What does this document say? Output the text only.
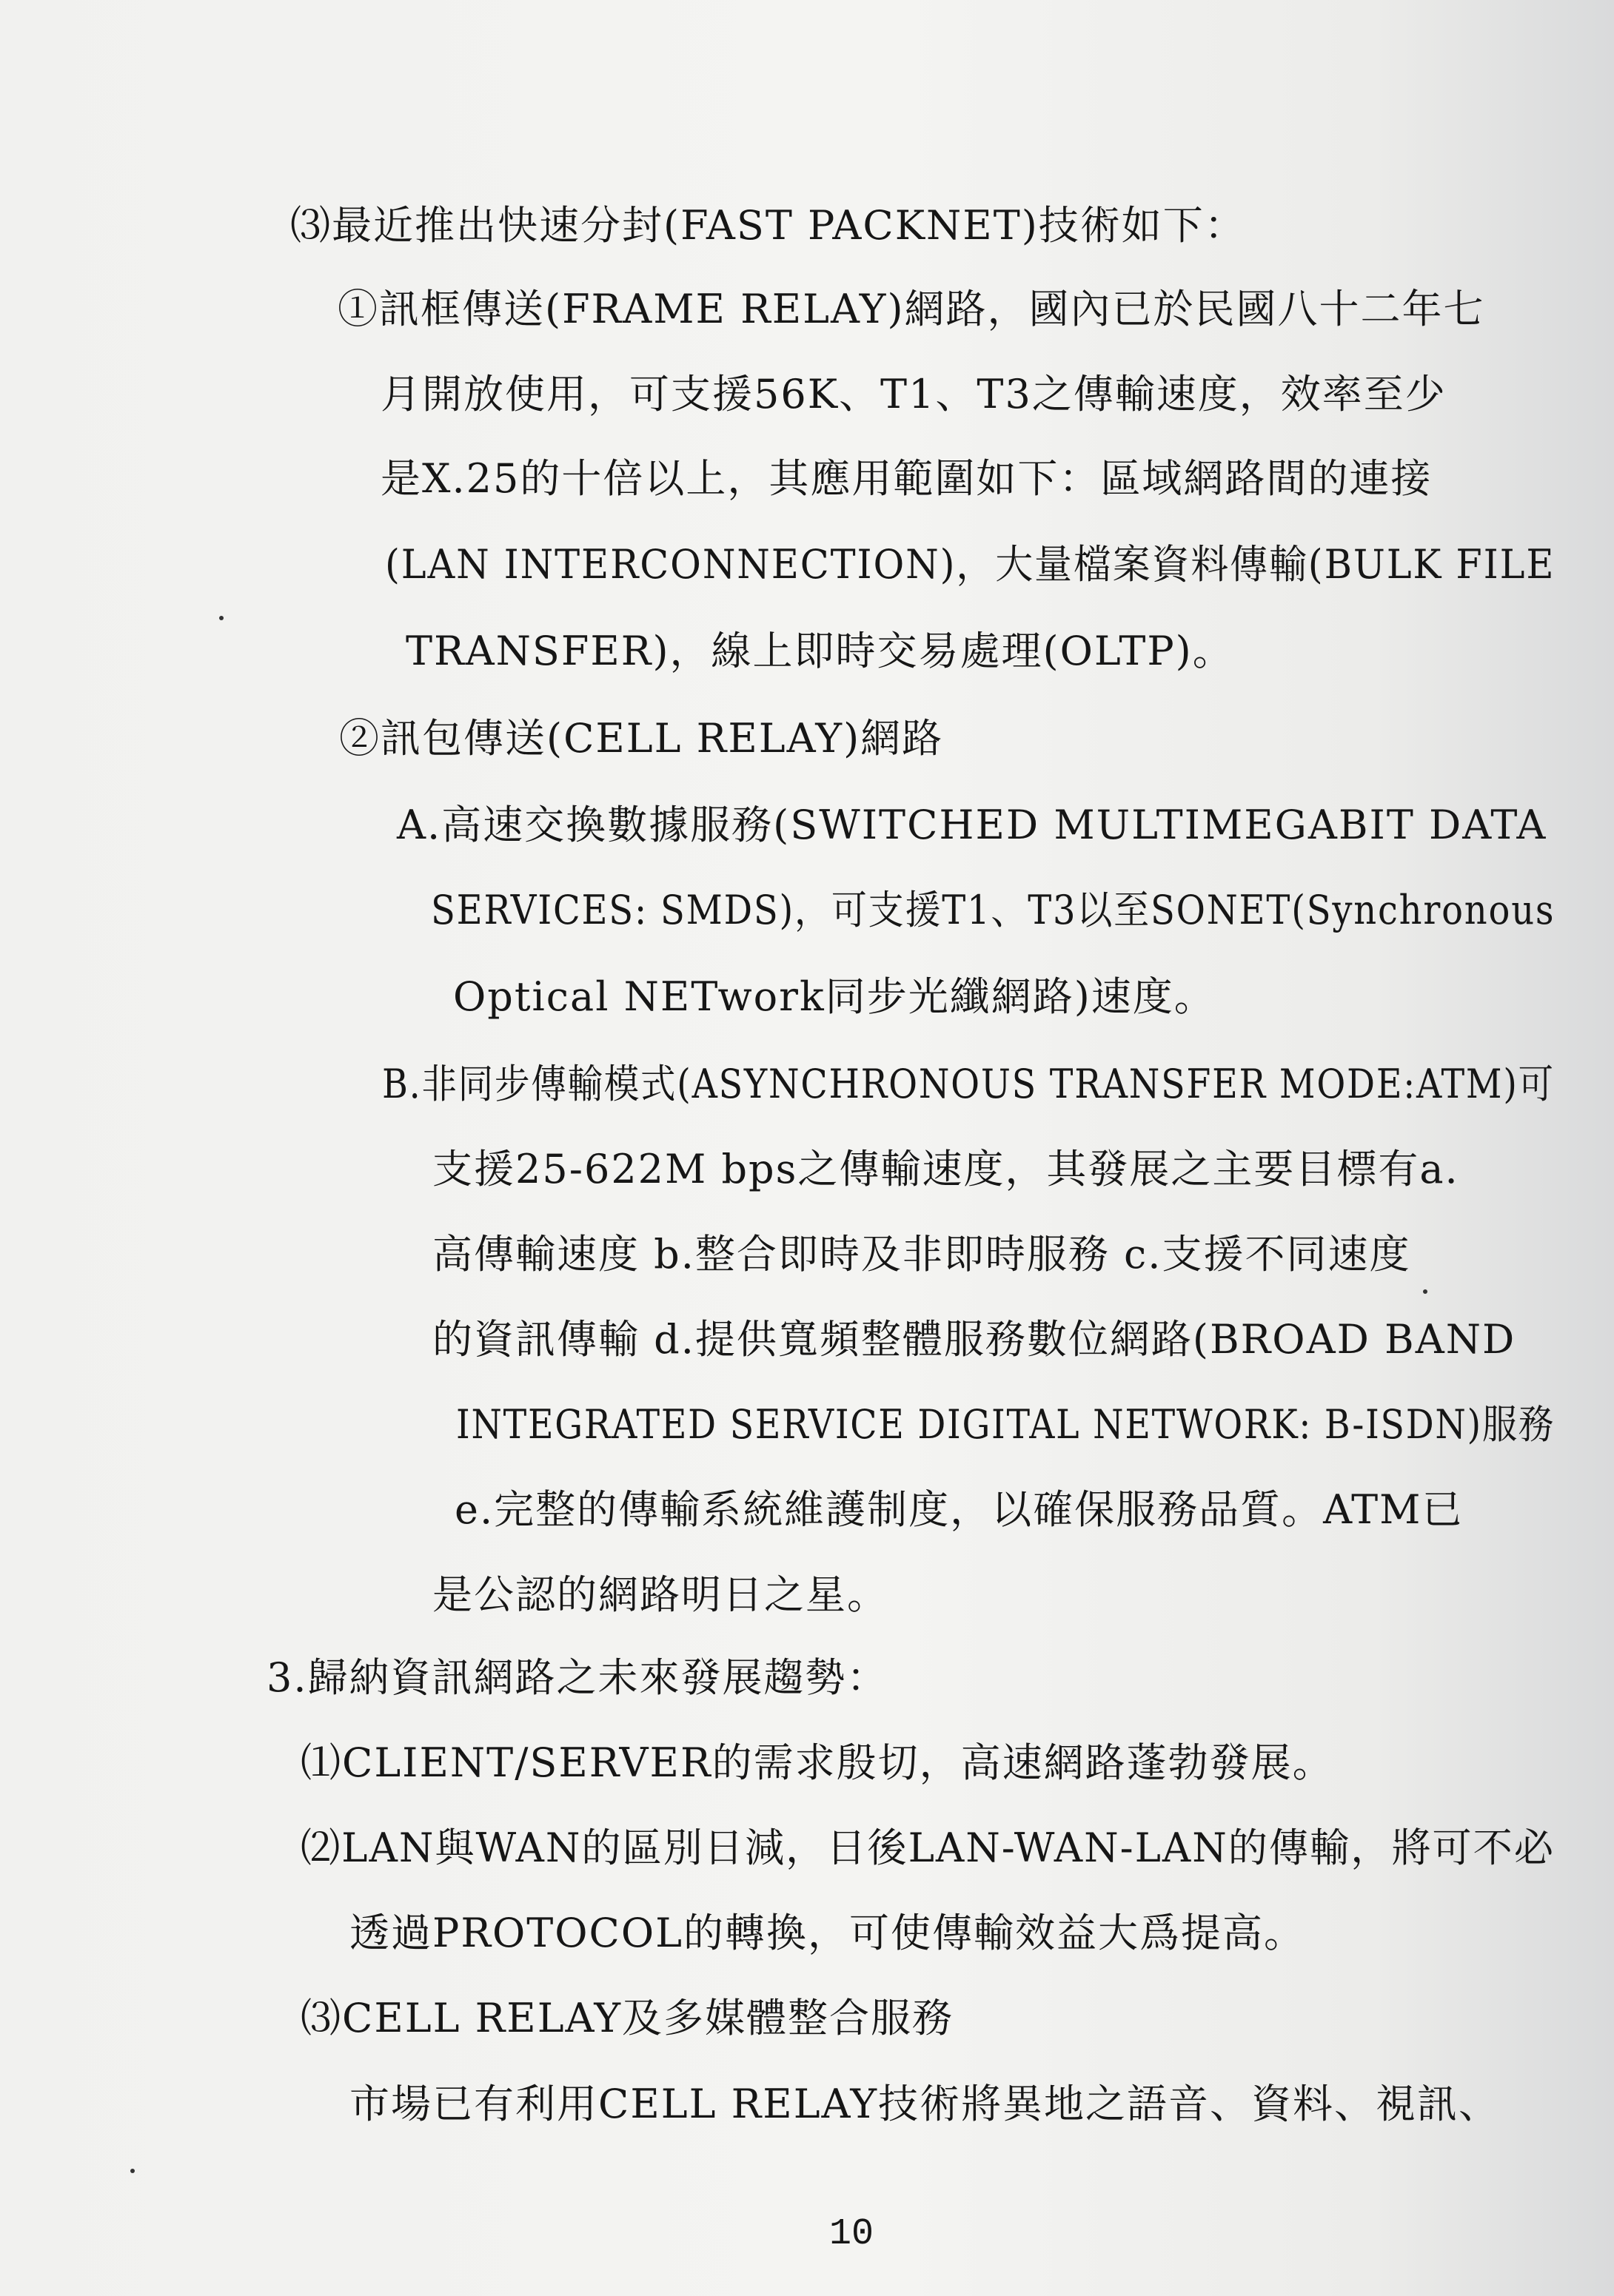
⑶最近推出快速分封(FAST PACKNET)技術如下：
①訊框傳送(FRAME RELAY)網路，國內已於民國八十二年七
月開放使用，可支援56K、T1、T3之傳輸速度，效率至少
是X.25的十倍以上，其應用範圍如下：區域網路間的連接
(LAN INTERCONNECTION)，大量檔案資料傳輸(BULK FILE
TRANSFER)，線上即時交易處理(OLTP)。
②訊包傳送(CELL RELAY)網路
A.高速交換數據服務(SWITCHED MULTIMEGABIT DATA
SERVICES: SMDS)，可支援T1、T3以至SONET(Synchronous
Optical NETwork同步光纖網路)速度。
B.非同步傳輸模式(ASYNCHRONOUS TRANSFER MODE:ATM)可
支援25-622M bps之傳輸速度，其發展之主要目標有a.
高傳輸速度 b.整合即時及非即時服務 c.支援不同速度
的資訊傳輸 d.提供寬頻整體服務數位網路(BROAD BAND
INTEGRATED SERVICE DIGITAL NETWORK: B-ISDN)服務
e.完整的傳輸系統維護制度，以確保服務品質。ATM已
是公認的網路明日之星。
3.歸納資訊網路之未來發展趨勢：
⑴CLIENT/SERVER的需求殷切，高速網路蓬勃發展。
⑵LAN與WAN的區別日減，日後LAN-WAN-LAN的傳輸，將可不必
透過PROTOCOL的轉換，可使傳輸效益大爲提高。
⑶CELL RELAY及多媒體整合服務
市場已有利用CELL RELAY技術將異地之語音、資料、視訊、
10
